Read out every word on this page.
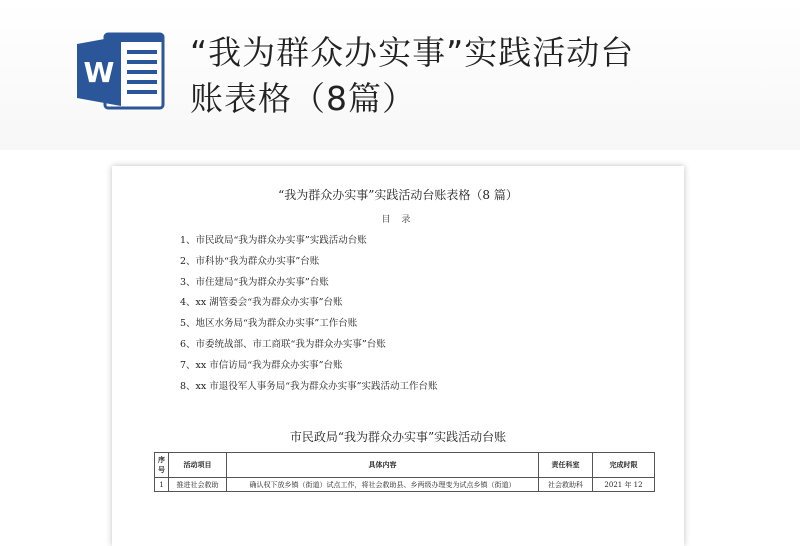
W
“我为群众办实事”实践活动台
账表格（8篇）
“我为群众办实事”实践活动台账表格（8 篇）
目 录
1、市民政局“我为群众办实事”实践活动台账
2、市科协“我为群众办实事”台账
3、市住建局“我为群众办实事”台账
4、xx 湖管委会“我为群众办实事”台账
5、地区水务局“我为群众办实事”工作台账
6、市委统战部、市工商联“我为群众办实事”台账
7、xx 市信访局“我为群众办实事”台账
8、xx 市退役军人事务局“我为群众办实事”实践活动工作台账
市民政局“我为群众办实事”实践活动台账
序号	活动项目	具体内容	责任科室	完成时限
1	推进社会救助	确认权下放乡镇（街道）试点工作，将社会救助县、乡两级办理变为试点乡镇（街道）	社会救助科	2021 年 12
